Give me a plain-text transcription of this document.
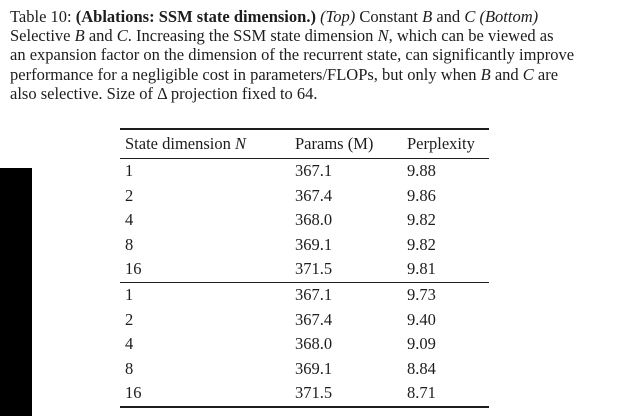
Table 10: (Ablations: SSM state dimension.) (Top) Constant B and C (Bottom)
Selective B and C. Increasing the SSM state dimension N, which can be viewed as
an expansion factor on the dimension of the recurrent state, can significantly improve
performance for a negligible cost in parameters/FLOPs, but only when B and C are
also selective. Size of Δ projection fixed to 64.
State dimension N	Params (M)	Perplexity
1	367.1	9.88
2	367.4	9.86
4	368.0	9.82
8	369.1	9.82
16	371.5	9.81
1	367.1	9.73
2	367.4	9.40
4	368.0	9.09
8	369.1	8.84
16	371.5	8.71
